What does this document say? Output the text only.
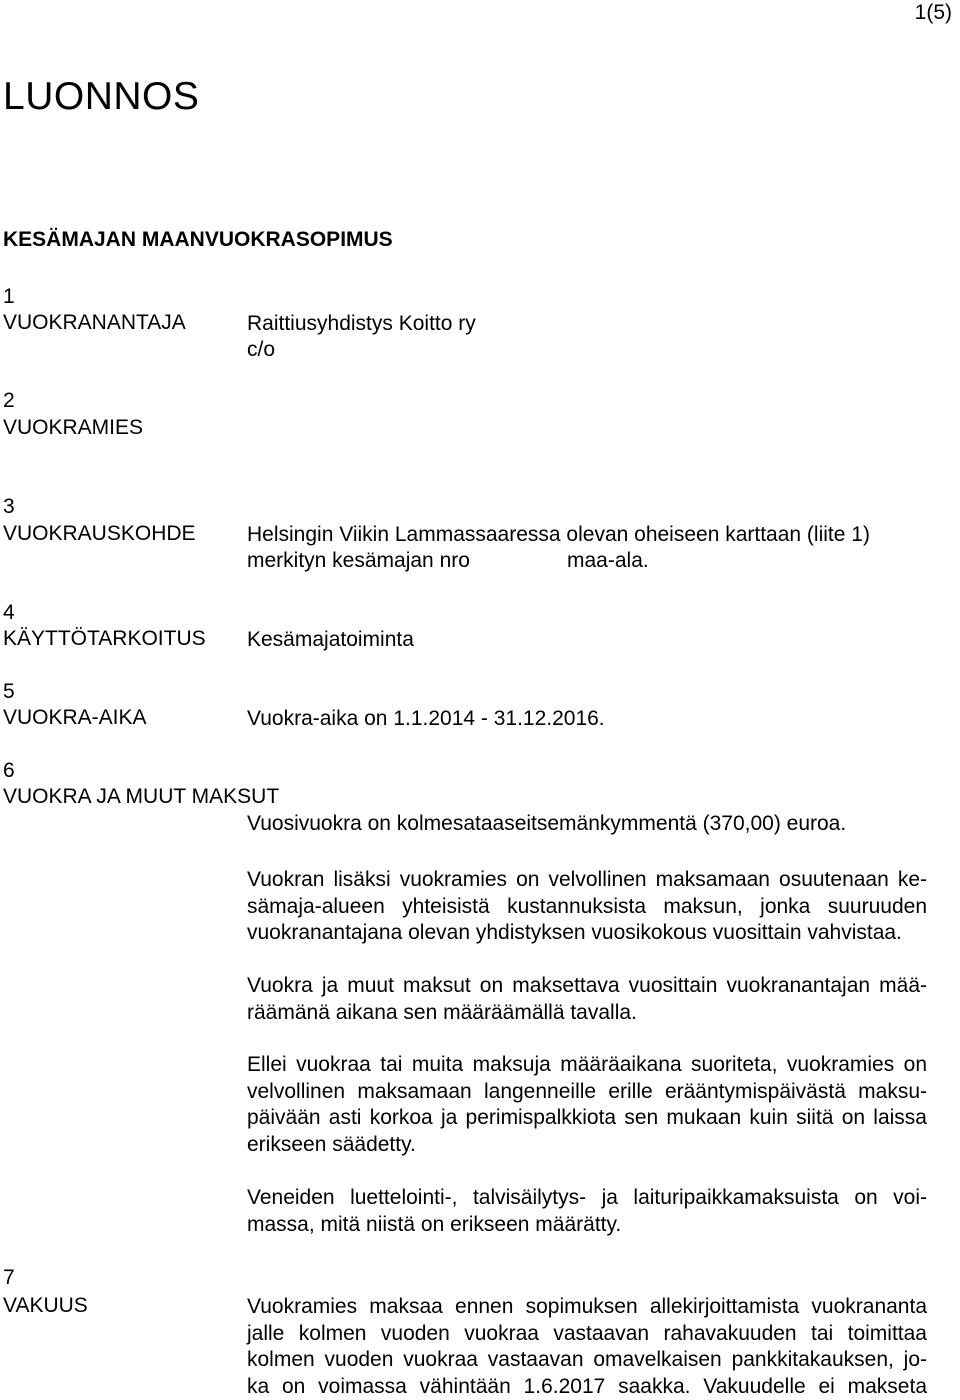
1(5)
LUONNOS
KESÄMAJAN MAANVUOKRASOPIMUS
1
VUOKRANANTAJA	Raittiusyhdistys Koitto ry
c/o
2
VUOKRAMIES
3
VUOKRAUSKOHDE Helsingin Viikin Lammassaaressa olevan oheiseen karttaan (liite 1)
merkityn kesämajan nro	maa-ala.
4
KÄYTTÖTARKOITUS Kesämajatoiminta
5
VUOKRA-AIKA	Vuokra-aika on 1.1.2014 - 31.12.2016.
6
VUOKRA JA MUUT MAKSUT
Vuosivuokra on kolmesataaseitsemänkymmentä (370,00) euroa.
Vuokran lisäksi vuokramies on velvollinen maksamaan osuutenaan ke-
sämaja-alueen yhteisistä kustannuksista maksun, jonka suuruuden
vuokranantajana olevan yhdistyksen vuosikokous vuosittain vahvistaa.
Vuokra ja muut maksut on maksettava vuosittain vuokranantajan mää-
räämänä aikana sen määräämällä tavalla.
Ellei vuokraa tai muita maksuja määräaikana suoriteta, vuokramies on
velvollinen maksamaan langenneille erille erääntymispäivästä maksu-
päivään asti korkoa ja perimispalkkiota sen mukaan kuin siitä on laissa
erikseen säädetty.
Veneiden luettelointi-, talvisäilytys- ja laituripaikkamaksuista on voi-
massa, mitä niistä on erikseen määrätty.
7
VAKUUS	Vuokramies maksaa ennen sopimuksen allekirjoittamista vuokrananta
jalle kolmen vuoden vuokraa vastaavan rahavakuuden tai toimittaa
kolmen vuoden vuokraa vastaavan omavelkaisen pankkitakauksen, jo-
ka on voimassa vähintään 1.6.2017 saakka. Vakuudelle ei makseta
